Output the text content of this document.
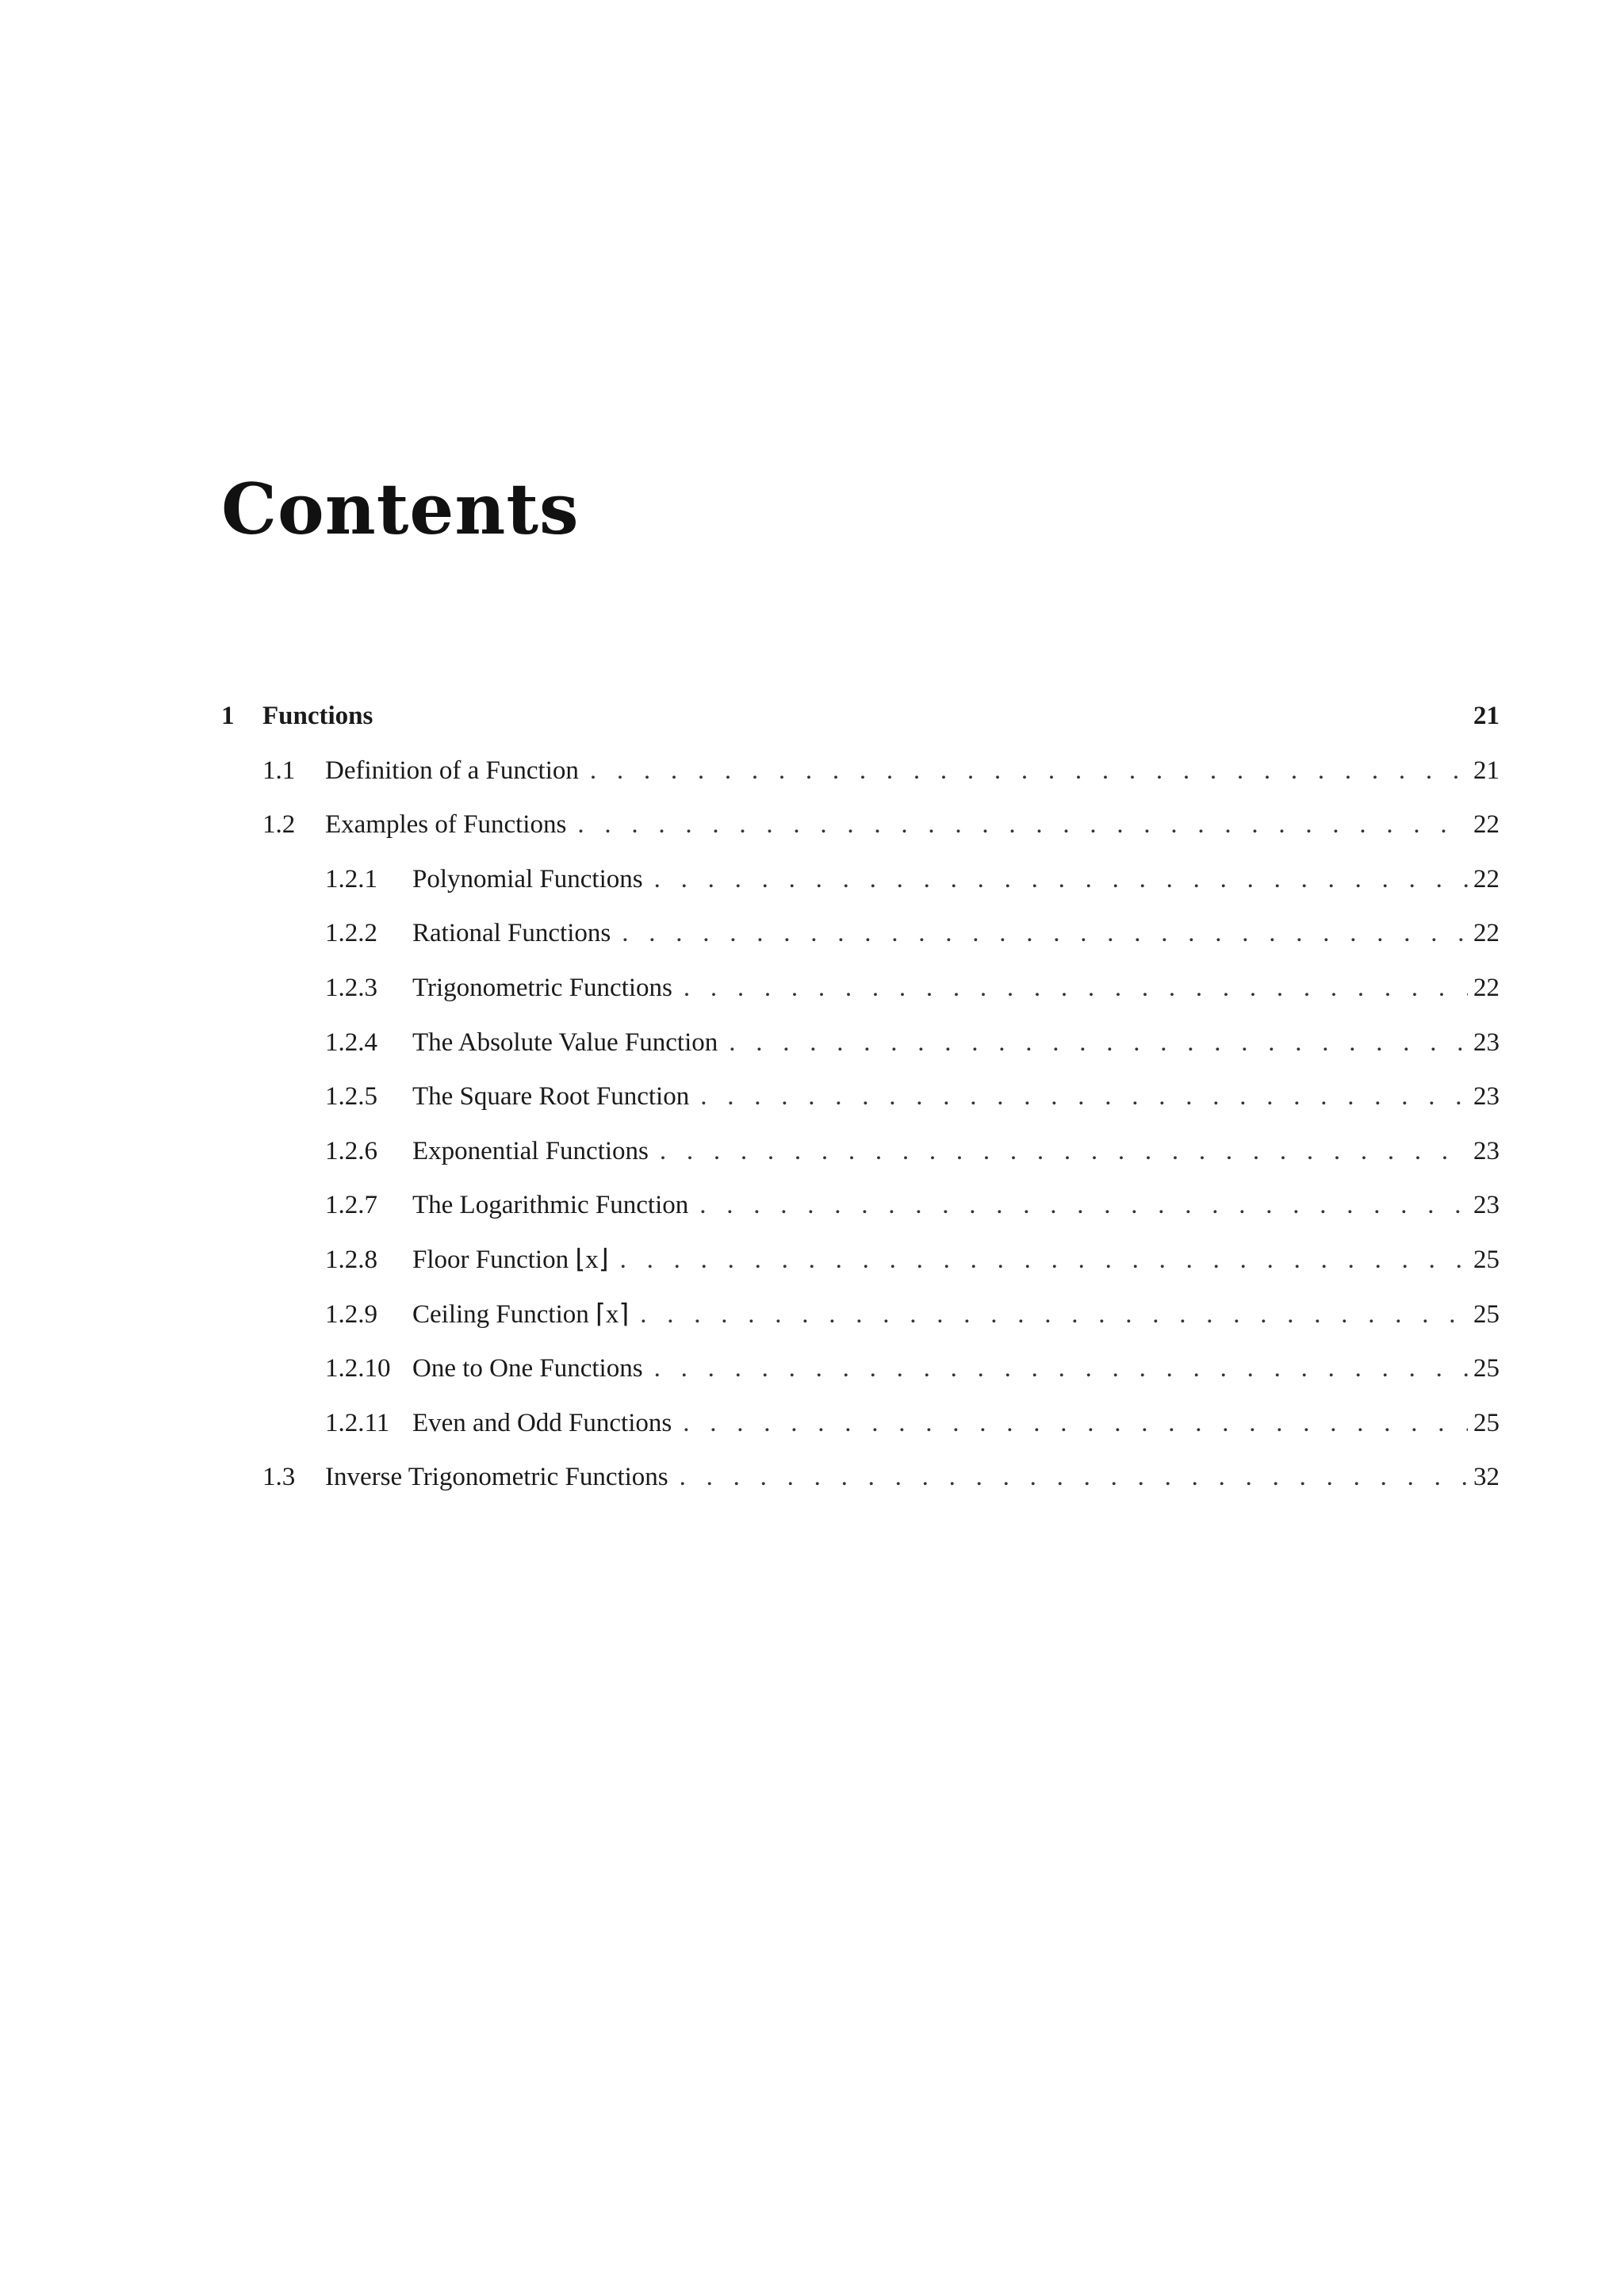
Contents
1	Functions	21
1.1	Definition of a Function . . .	21
1.2	Examples of Functions . . .	22
1.2.1	Polynomial Functions . . .	22
1.2.2	Rational Functions . . .	22
1.2.3	Trigonometric Functions . . .	22
1.2.4	The Absolute Value Function . . .	23
1.2.5	The Square Root Function . . .	23
1.2.6	Exponential Functions . . .	23
1.2.7	The Logarithmic Function . . .	23
1.2.8	Floor Function ⌊x⌋ . . .	25
1.2.9	Ceiling Function ⌈x⌉ . . .	25
1.2.10 One to One Functions . . .	25
1.2.11 Even and Odd Functions . . .	25
1.3	Inverse Trigonometric Functions . . .	32
